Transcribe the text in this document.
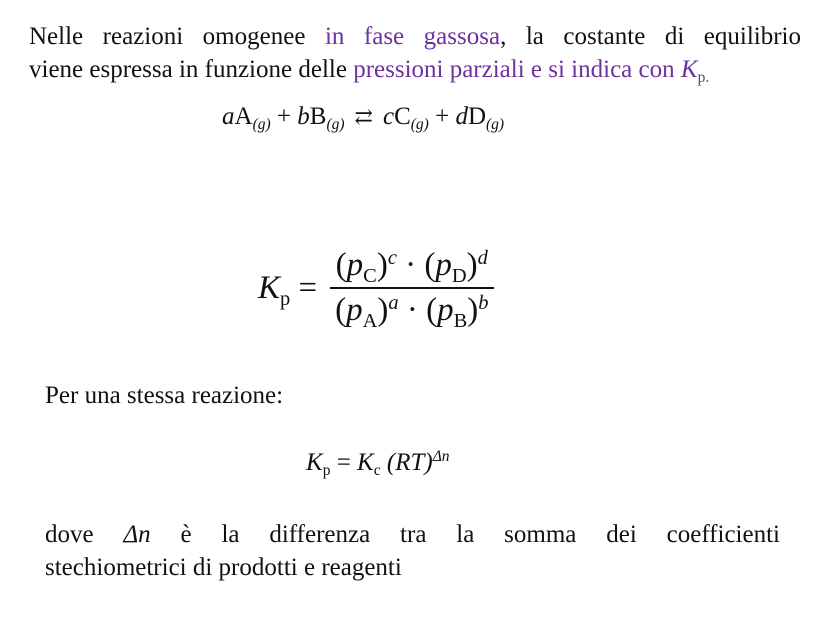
Nelle reazioni omogenee in fase gassosa, la costante di equilibrio
viene espressa in funzione delle pressioni parziali e si indica con $K_{p.}$
$aA_{(g)} + bB_{(g)}$ ⇄ $cC_{(g)} + dD_{(g)}$
$K_p = \frac{(p_C)^c \cdot (p_D)^d}{(p_A)^a \cdot (p_B)^b}$
Per una stessa reazione:
$K_p = K_c$ (RT)$^{\Delta n}$
dove Δn è la differenza tra la somma dei coefficienti
stechiometrici di prodotti e reagenti
